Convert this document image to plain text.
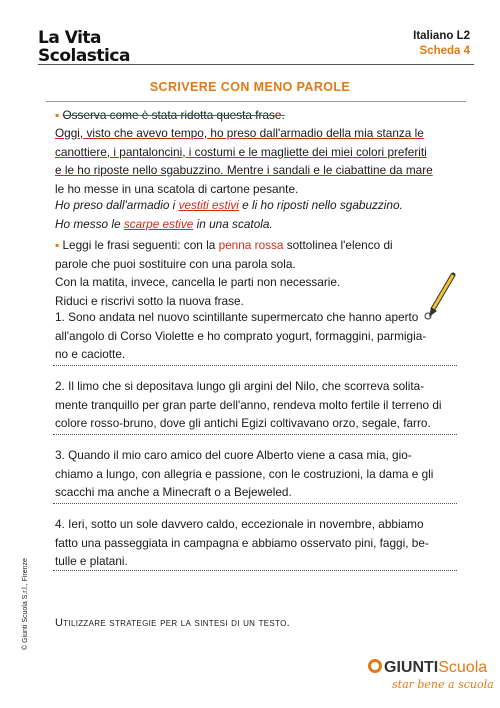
La Vita
Scolastica
Italiano L2
Scheda 4
SCRIVERE CON MENO PAROLE

▪ Osserva come è stata ridotta questa frase.

Oggi, visto che avevo tempo, ho preso dall'armadio della mia stanza le
canottiere, i pantaloncini, i costumi e le magliette dei miei colori preferiti
e le ho riposte nello sgabuzzino. Mentre i sandali e le ciabattine da mare
le ho messe in una scatola di cartone pesante.
Ho preso dall'armadio i vestiti estivi e li ho riposti nello sgabuzzino.
Ho messo le scarpe estive in una scatola.
▪ Leggi le frasi seguenti: con la penna rossa sottolinea l'elenco di
parole che puoi sostituire con una parola sola.
Con la matita, invece, cancella le parti non necessarie.
Riduci e riscrivi sotto la nuova frase.
1. Sono andata nel nuovo scintillante supermercato che hanno aperto
all'angolo di Corso Violette e ho comprato yogurt, formaggini, parmigia-
no e caciotte.
2. Il limo che si depositava lungo gli argini del Nilo, che scorreva solita-
mente tranquillo per gran parte dell'anno, rendeva molto fertile il terreno di
colore rosso-bruno, dove gli antichi Egizi coltivavano orzo, segale, farro.
3. Quando il mio caro amico del cuore Alberto viene a casa mia, gio-
chiamo a lungo, con allegria e passione, con le costruzioni, la dama e gli
scacchi ma anche a Minecraft o a Bejeweled.
4. Ieri, sotto un sole davvero caldo, eccezionale in novembre, abbiamo
fatto una passeggiata in campagna e abbiamo osservato pini, faggi, be-
tulle e platani.
Utilizzare strategie per la sintesi di un testo.
© Giunti Scuola S.r.l., Firenze
GIUNTIScuola
star bene a scuola
